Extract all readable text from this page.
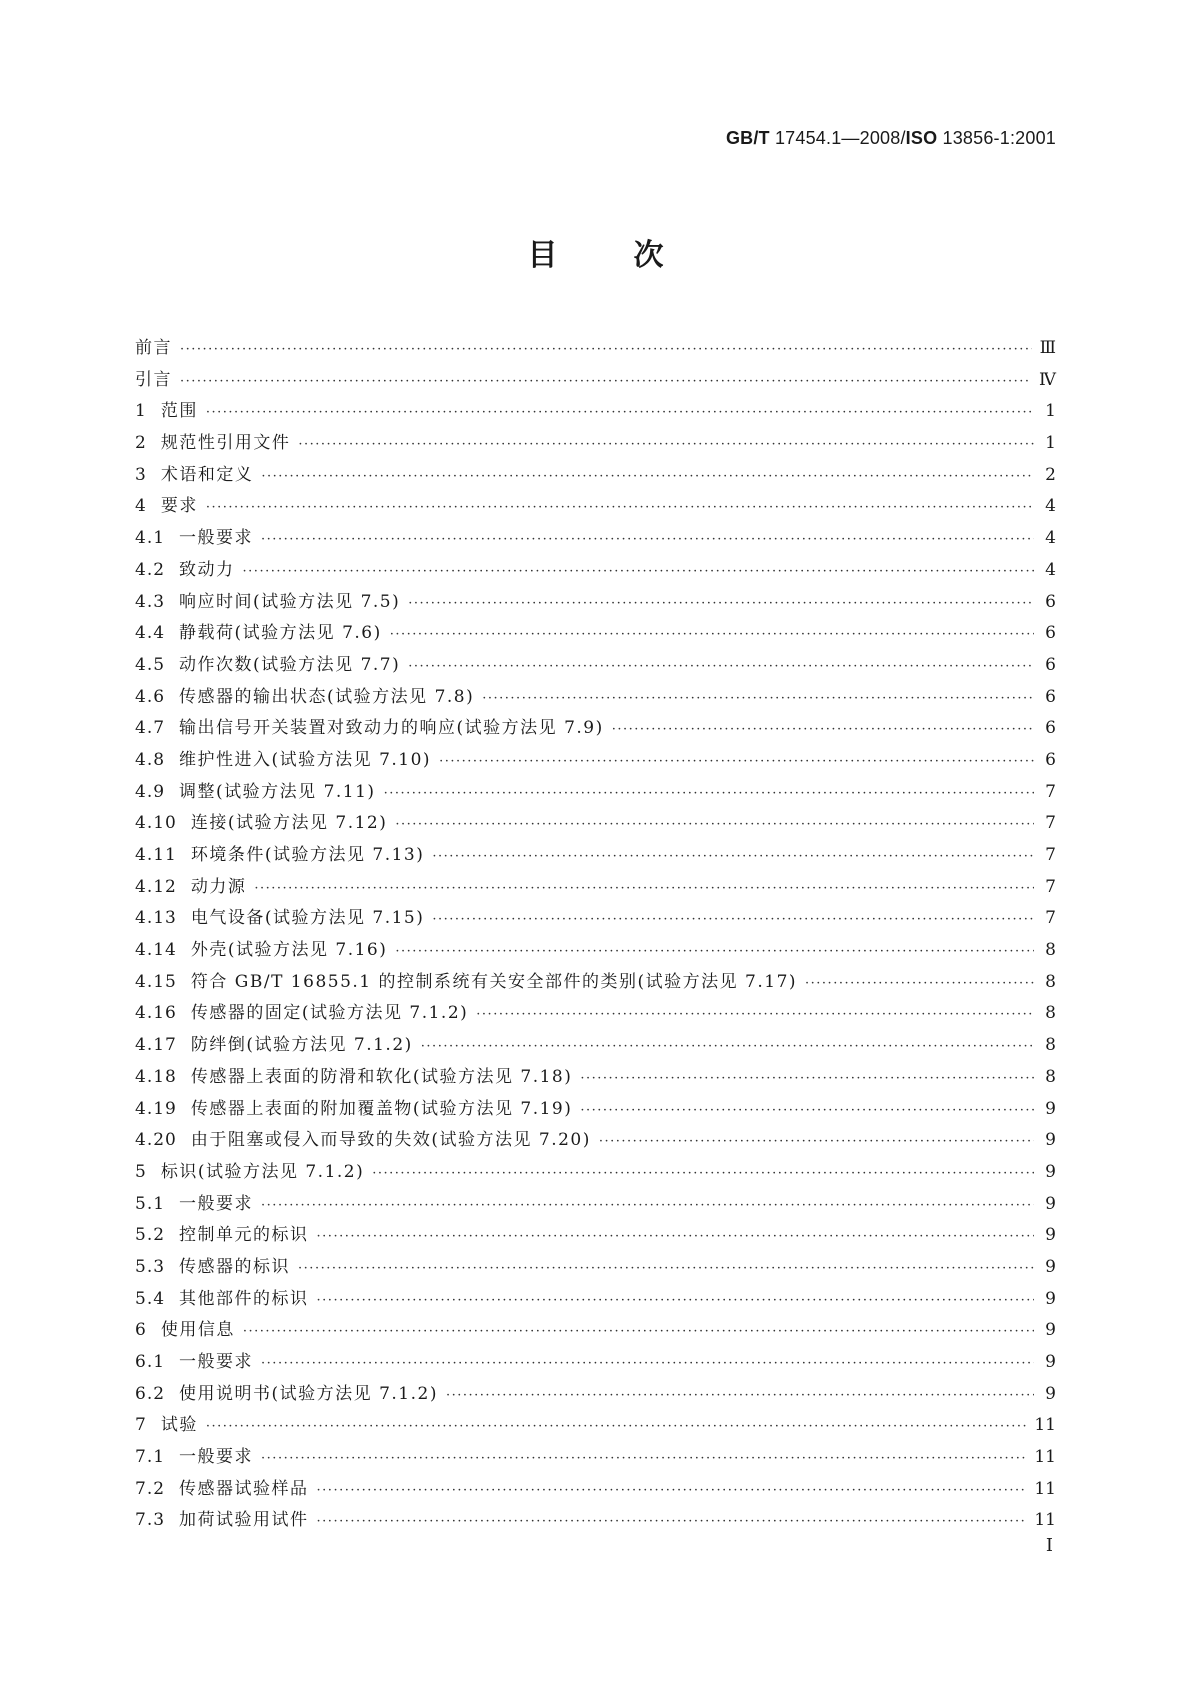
GB/T 17454.1—2008/ISO 13856-1:2001
目	次
前言 ·····	Ⅲ
引言 ·····	Ⅳ
1 范围 ·····	1
2 规范性引用文件 ·····	1
3 术语和定义 ·····	2
4 要求 ·····	4
4.1 一般要求 ·····	4
4.2 致动力 ·····	4
4.3 响应时间(试验方法见 7.5) ·····	6
4.4 静载荷(试验方法见 7.6) ·····	6
4.5 动作次数(试验方法见 7.7) ·····	6
4.6 传感器的输出状态(试验方法见 7.8) ·····	6
4.7 输出信号开关装置对致动力的响应(试验方法见 7.9) ·····	6
4.8 维护性进入(试验方法见 7.10) ·····	6
4.9 调整(试验方法见 7.11) ·····	7
4.10 连接(试验方法见 7.12) ·····	7
4.11 环境条件(试验方法见 7.13) ·····	7
4.12 动力源 ·····	7
4.13 电气设备(试验方法见 7.15) ·····	7
4.14 外壳(试验方法见 7.16) ·····	8
4.15 符合 GB/T 16855.1 的控制系统有关安全部件的类别(试验方法见 7.17) ·····	8
4.16 传感器的固定(试验方法见 7.1.2) ·····	8
4.17 防绊倒(试验方法见 7.1.2) ·····	8
4.18 传感器上表面的防滑和软化(试验方法见 7.18) ·····	8
4.19 传感器上表面的附加覆盖物(试验方法见 7.19) ·····	9
4.20 由于阻塞或侵入而导致的失效(试验方法见 7.20) ·····	9
5 标识(试验方法见 7.1.2) ·····	9
5.1 一般要求 ·····	9
5.2 控制单元的标识 ·····	9
5.3 传感器的标识 ·····	9
5.4 其他部件的标识 ·····	9
6 使用信息 ·····	9
6.1 一般要求 ·····	9
6.2 使用说明书(试验方法见 7.1.2) ·····	9
7 试验 ·····	11
7.1 一般要求 ·····	11
7.2 传感器试验样品 ·····	11
7.3 加荷试验用试件 ·····	11
I
